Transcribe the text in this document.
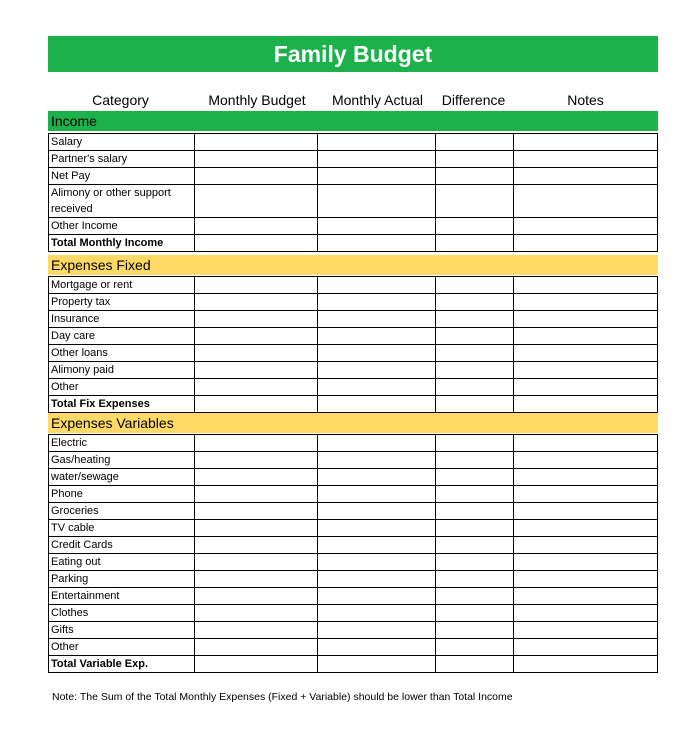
Family Budget
Category	Monthly Budget	Monthly Actual	Difference	Notes
Income
Salary				
Partner's salary				
Net Pay				
Alimony or other support received				
Other Income				
Total Monthly Income				
Expenses Fixed
Mortgage or rent				
Property tax				
Insurance				
Day care				
Other loans				
Alimony paid				
Other				
Total Fix Expenses				
Expenses Variables
Electric				
Gas/heating				
water/sewage				
Phone				
Groceries				
TV cable				
Credit Cards				
Eating out				
Parking				
Entertainment				
Clothes				
Gifts				
Other				
Total Variable Exp.				
Note: The Sum of the Total Monthly Expenses (Fixed + Variable) should be lower than Total Income
